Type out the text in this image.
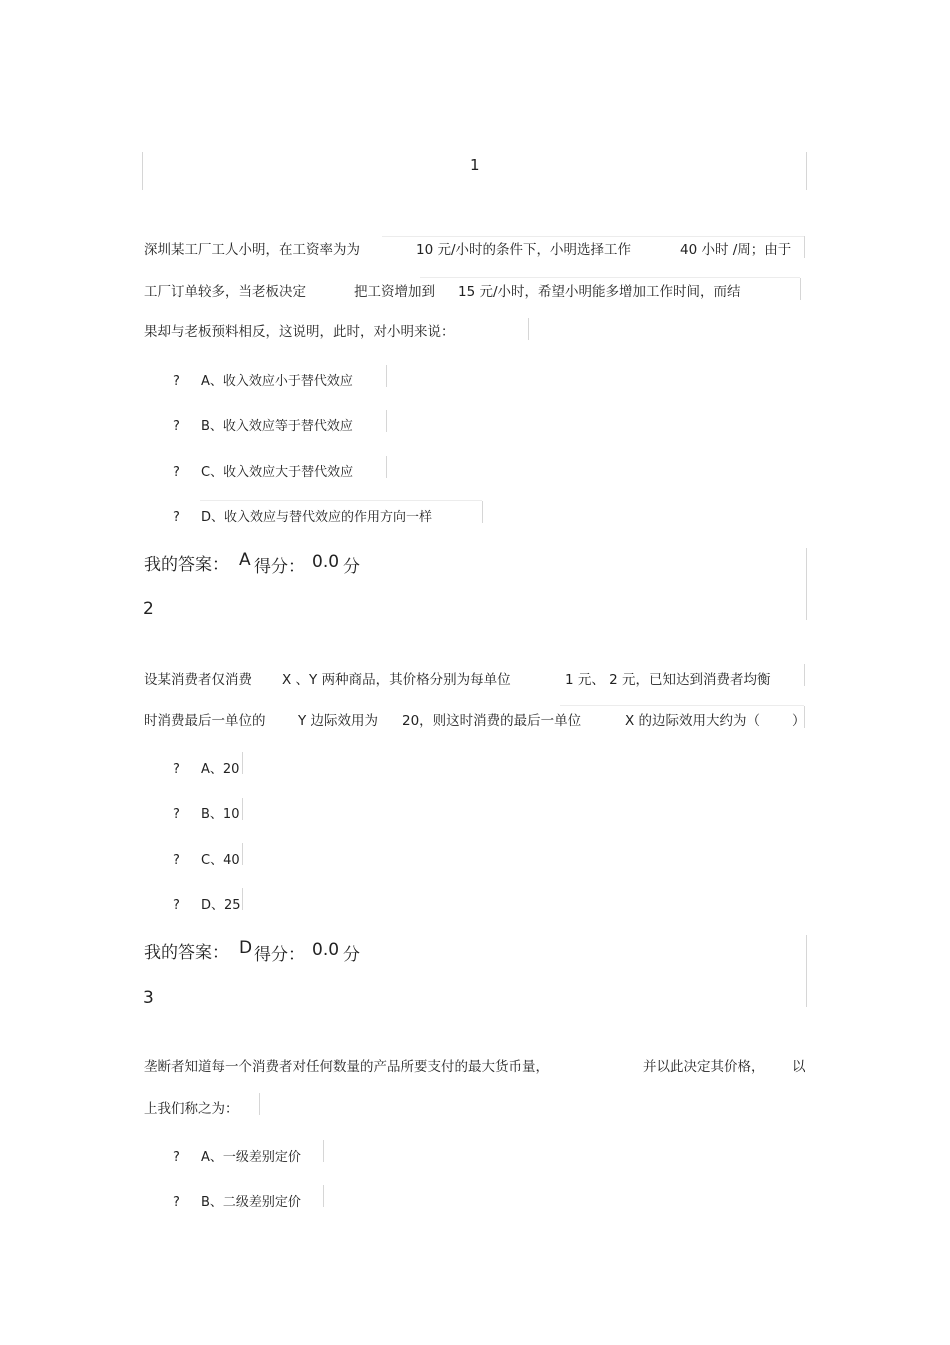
1
深圳某工厂工人小明，在工资率为为	10 元/小时的条件下，小明选择工作	40 小时 /周；由于
工厂订单较多，当老板决定	把工资增加到 15 元/小时，希望小明能多增加工作时间，而结
果却与老板预料相反，这说明，此时，对小明来说：
? A、收入效应小于替代效应
? B、收入效应等于替代效应
? C、收入效应大于替代效应
? D、收入效应与替代效应的作用方向一样
我的答案： A 得分： 0.0 分
2
设某消费者仅消费 X 、Y 两种商品，其价格分别为每单位	1 元、 2 元，已知达到消费者均衡
时消费最后一单位的 Y 边际效用为 20，则这时消费的最后一单位	X 的边际效用大约为（ ）
? A、20
? B、10
? C、40
? D、25
我的答案： D 得分： 0.0 分
3
垄断者知道每一个消费者对任何数量的产品所要支付的最大货币量，	并以此决定其价格， 以
上我们称之为：
? A、一级差别定价
? B、二级差别定价
